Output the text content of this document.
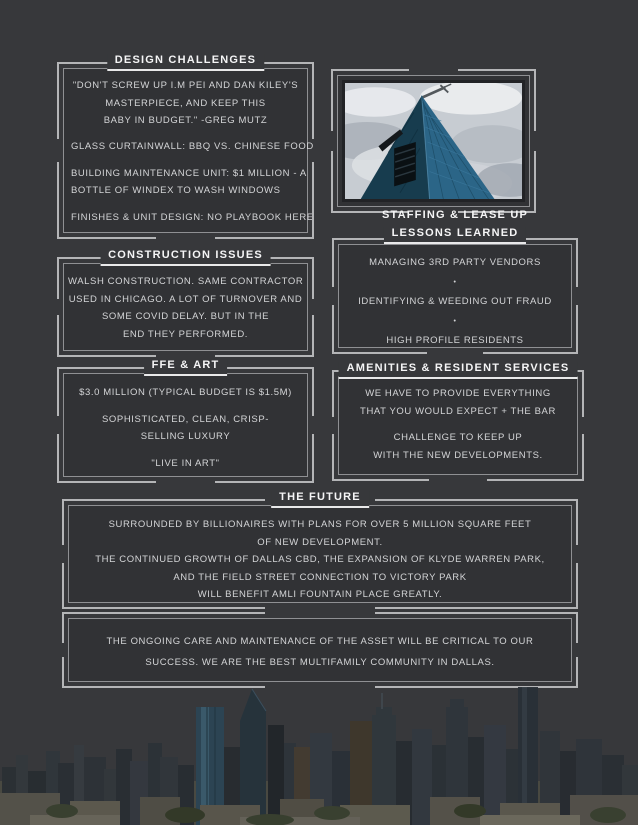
DESIGN CHALLENGES
"DON'T SCREW UP I.M PEI AND DAN KILEY'S
MASTERPIECE, AND KEEP THIS
BABY IN BUDGET." -GREG MUTZ
GLASS CURTAINWALL: BBQ VS. CHINESE FOOD
BUILDING MAINTENANCE UNIT: $1 MILLION - A
BOTTLE OF WINDEX TO WASH WINDOWS
FINISHES & UNIT DESIGN: NO PLAYBOOK HERE
CONSTRUCTION ISSUES
WALSH CONSTRUCTION. SAME CONTRACTOR
USED IN CHICAGO. A LOT OF TURNOVER AND
SOME COVID DELAY. BUT IN THE
END THEY PERFORMED.
STAFFING & LEASE UP
LESSONS LEARNED
MANAGING 3RD PARTY VENDORS
•
IDENTIFYING & WEEDING OUT FRAUD
•
HIGH PROFILE RESIDENTS
FFE & ART
$3.0 MILLION (TYPICAL BUDGET IS $1.5M)
SOPHISTICATED, CLEAN, CRISP-
SELLING LUXURY
"LIVE IN ART"
AMENITIES & RESIDENT SERVICES
WE HAVE TO PROVIDE EVERYTHING
THAT YOU WOULD EXPECT + THE BAR
CHALLENGE TO KEEP UP
WITH THE NEW DEVELOPMENTS.
THE FUTURE
SURROUNDED BY BILLIONAIRES WITH PLANS FOR OVER 5 MILLION SQUARE FEET
OF NEW DEVELOPMENT.
THE CONTINUED GROWTH OF DALLAS CBD, THE EXPANSION OF KLYDE WARREN PARK,
AND THE FIELD STREET CONNECTION TO VICTORY PARK
WILL BENEFIT AMLI FOUNTAIN PLACE GREATLY.
THE ONGOING CARE AND MAINTENANCE OF THE ASSET WILL BE CRITICAL TO OUR
SUCCESS. WE ARE THE BEST MULTIFAMILY COMMUNITY IN DALLAS.
